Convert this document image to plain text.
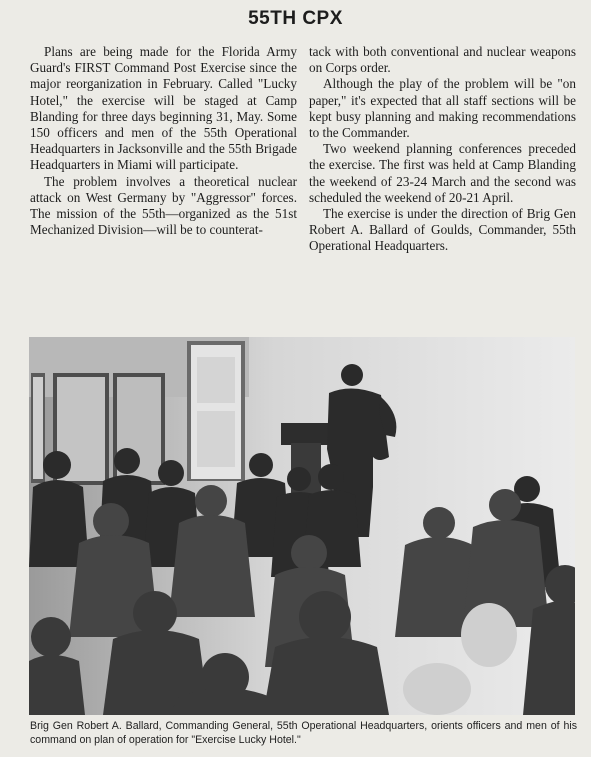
55TH CPX

Plans are being made for the Florida Army Guard's FIRST Command Post Exercise since the major reorganization in February. Called "Lucky Hotel," the exercise will be staged at Camp Blanding for three days beginning 31, May. Some 150 officers and men of the 55th Operational Headquarters in Jacksonville and the 55th Brigade Headquarters in Miami will participate.

The problem involves a theoretical nuclear attack on West Germany by "Aggressor" forces. The mission of the 55th—organized as the 51st Mechanized Division—will be to counterat-

tack with both conventional and nuclear weapons on Corps order.

Although the play of the problem will be "on paper," it's expected that all staff sections will be kept busy planning and making recommendations to the Commander.

Two weekend planning conferences preceded the exercise. The first was held at Camp Blanding the weekend of 23-24 March and the second was scheduled the weekend of 20-21 April.

The exercise is under the direction of Brig Gen Robert A. Ballard of Goulds, Commander, 55th Operational Headquarters.

Brig Gen Robert A. Ballard, Commanding General, 55th Operational Headquarters, orients officers and men of his command on plan of operation for "Exercise Lucky Hotel."
